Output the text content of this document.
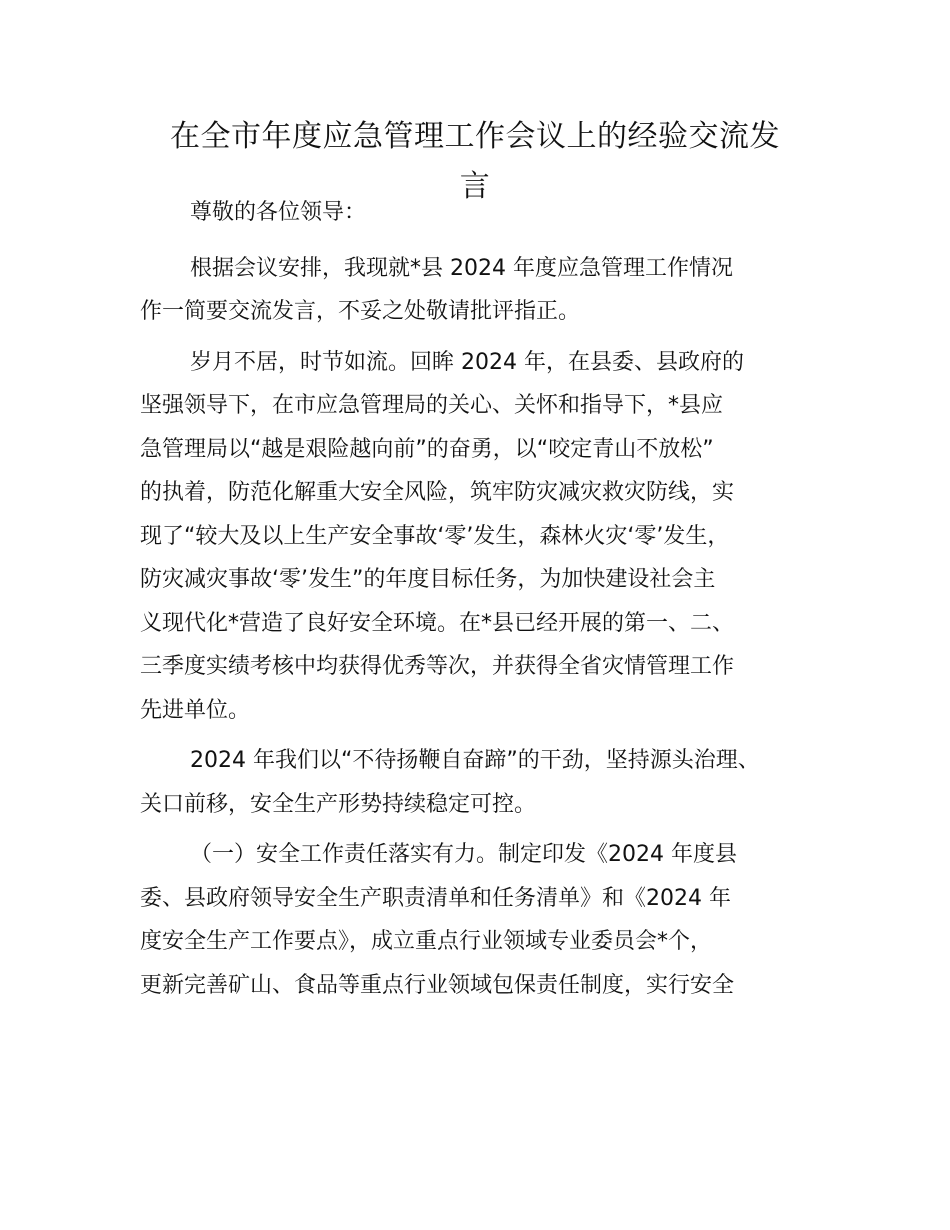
在全市年度应急管理工作会议上的经验交流发
言

尊敬的各位领导：

根据会议安排，我现就*县 2024 年度应急管理工作情况
作一简要交流发言，不妥之处敬请批评指正。

岁月不居，时节如流。回眸 2024 年，在县委、县政府的
坚强领导下，在市应急管理局的关心、关怀和指导下，*县应
急管理局以“越是艰险越向前”的奋勇，以“咬定青山不放松”
的执着，防范化解重大安全风险，筑牢防灾减灾救灾防线，实
现了“较大及以上生产安全事故‘零’发生，森林火灾‘零’发生，
防灾减灾事故‘零’发生”的年度目标任务，为加快建设社会主
义现代化*营造了良好安全环境。在*县已经开展的第一、二、
三季度实绩考核中均获得优秀等次，并获得全省灾情管理工作
先进单位。

2024 年我们以“不待扬鞭自奋蹄”的干劲，坚持源头治理、
关口前移，安全生产形势持续稳定可控。

（一）安全工作责任落实有力。制定印发《2024 年度县
委、县政府领导安全生产职责清单和任务清单》和《2024 年
度安全生产工作要点》，成立重点行业领域专业委员会*个，
更新完善矿山、食品等重点行业领域包保责任制度，实行安全
